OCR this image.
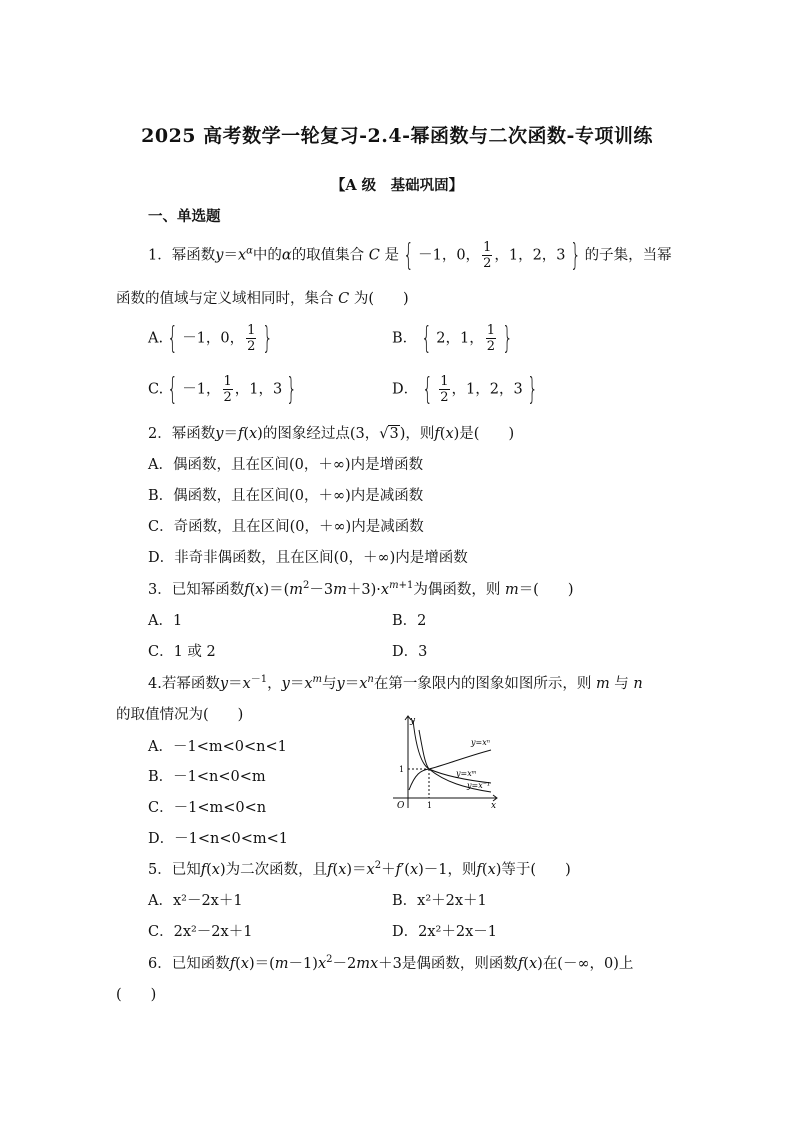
2025 高考数学一轮复习-2.4-幂函数与二次函数-专项训练
【A 级　基础巩固】
一、单选题
1．幂函数$y=x^\alpha$中的α的取值集合 C 是 { －1，0， $\frac{1}{2}$ ，1，2，3 } 的子集，当幂
函数的值域与定义域相同时，集合 C 为(　　)
A. { －1，0， $\frac{1}{2}$ }	B． { 2，1， $\frac{1}{2}$ }
C. { －1， $\frac{1}{2}$ ，1，3 }	D． { $\frac{1}{2}$ ，1，2，3 }
2．幂函数y＝f(x)的图象经过点(3，√3)，则f(x)是(　　)
A．偶函数，且在区间(0，＋∞)内是增函数
B．偶函数，且在区间(0，＋∞)内是减函数
C．奇函数，且在区间(0，＋∞)内是减函数
D．非奇非偶函数，且在区间(0，＋∞)内是增函数
3．已知幂函数$f(x)=(m^2-3m+3)\cdot x^{m+1}$为偶函数，则 m＝(　　)
A．1	B．2
C．1 或 2	D．3
4.若幂函数$y=x^{-1}$，$y=x^m$与$y=x^n$在第一象限内的图象如图所示，则 m 与 n
的取值情况为(　　)
A．－1<m<0<n<1
B．－1<n<0<m
C．－1<m<0<n
D．－1<n<0<m<1
y
x
O	1
1
y=xⁿ
y=xᵐ
y=x⁻¹
5．已知f(x)为二次函数，且$f(x)=x^2+f'(x)-1$，则f(x)等于(　　)
A．x²－2x＋1	B．x²＋2x＋1
C．2x²－2x＋1	D．2x²＋2x－1
6．已知函数$f(x)=(m-1)x^2-2mx+3$是偶函数，则函数f(x)在(－∞，0)上
(　　)
